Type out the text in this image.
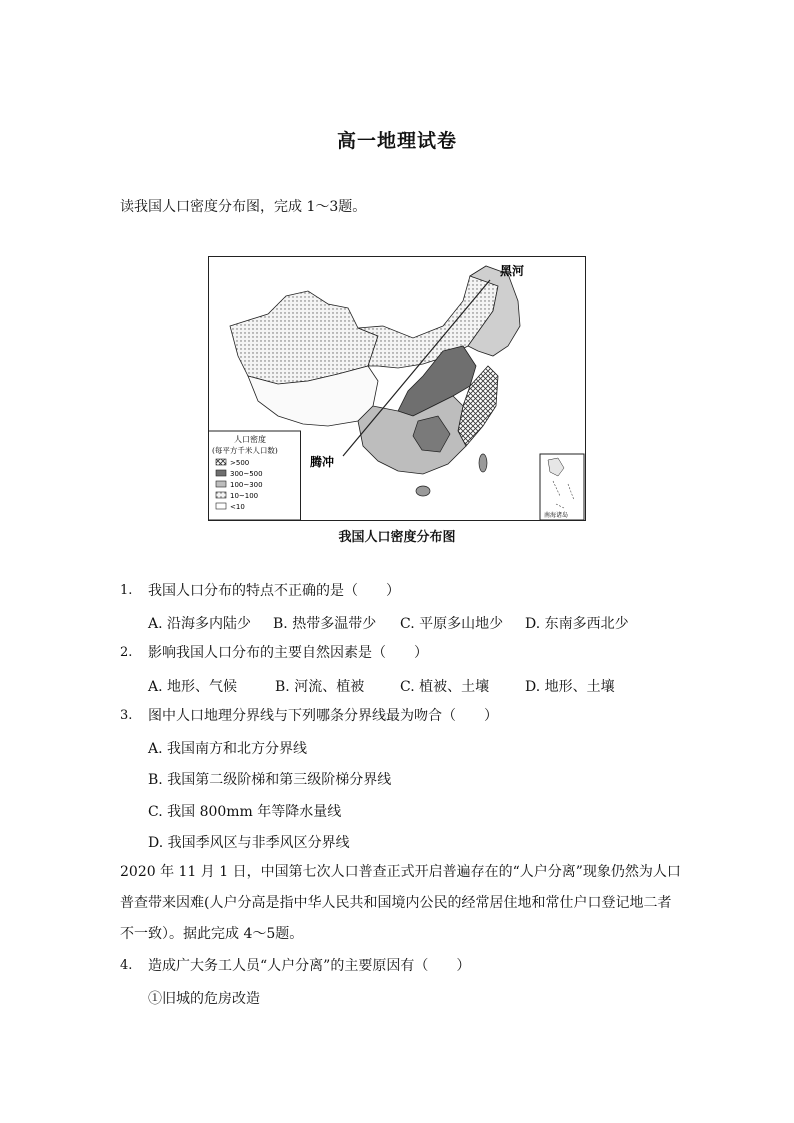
高一地理试卷
读我国人口密度分布图，完成 1～3题。
黑河
腾冲
人口密度
(每平方千米人口数)
>500
300~500
100~300
10~100
<10
南海诸岛
我国人口密度分布图
1. 我国人口分布的特点不正确的是（　　）
A. 沿海多内陆少 B. 热带多温带少 C. 平原多山地少 D. 东南多西北少
2. 影响我国人口分布的主要自然因素是（　　）
A. 地形、气候	B. 河流、植被	C. 植被、土壤	D. 地形、土壤
3. 图中人口地理分界线与下列哪条分界线最为吻合（　　）
A. 我国南方和北方分界线
B. 我国第二级阶梯和第三级阶梯分界线
C. 我国 800mm 年等降水量线
D. 我国季风区与非季风区分界线
2020 年 11 月 1 日，中国第七次人口普查正式开启普遍存在的“人户分离”现象仍然为人口
普查带来因难(人户分高是指中华人民共和国境内公民的经常居住地和常仕户口登记地二者
不一致）。据此完成 4～5题。
4. 造成广大务工人员“人户分离”的主要原因有（　　）
①旧城的危房改造
